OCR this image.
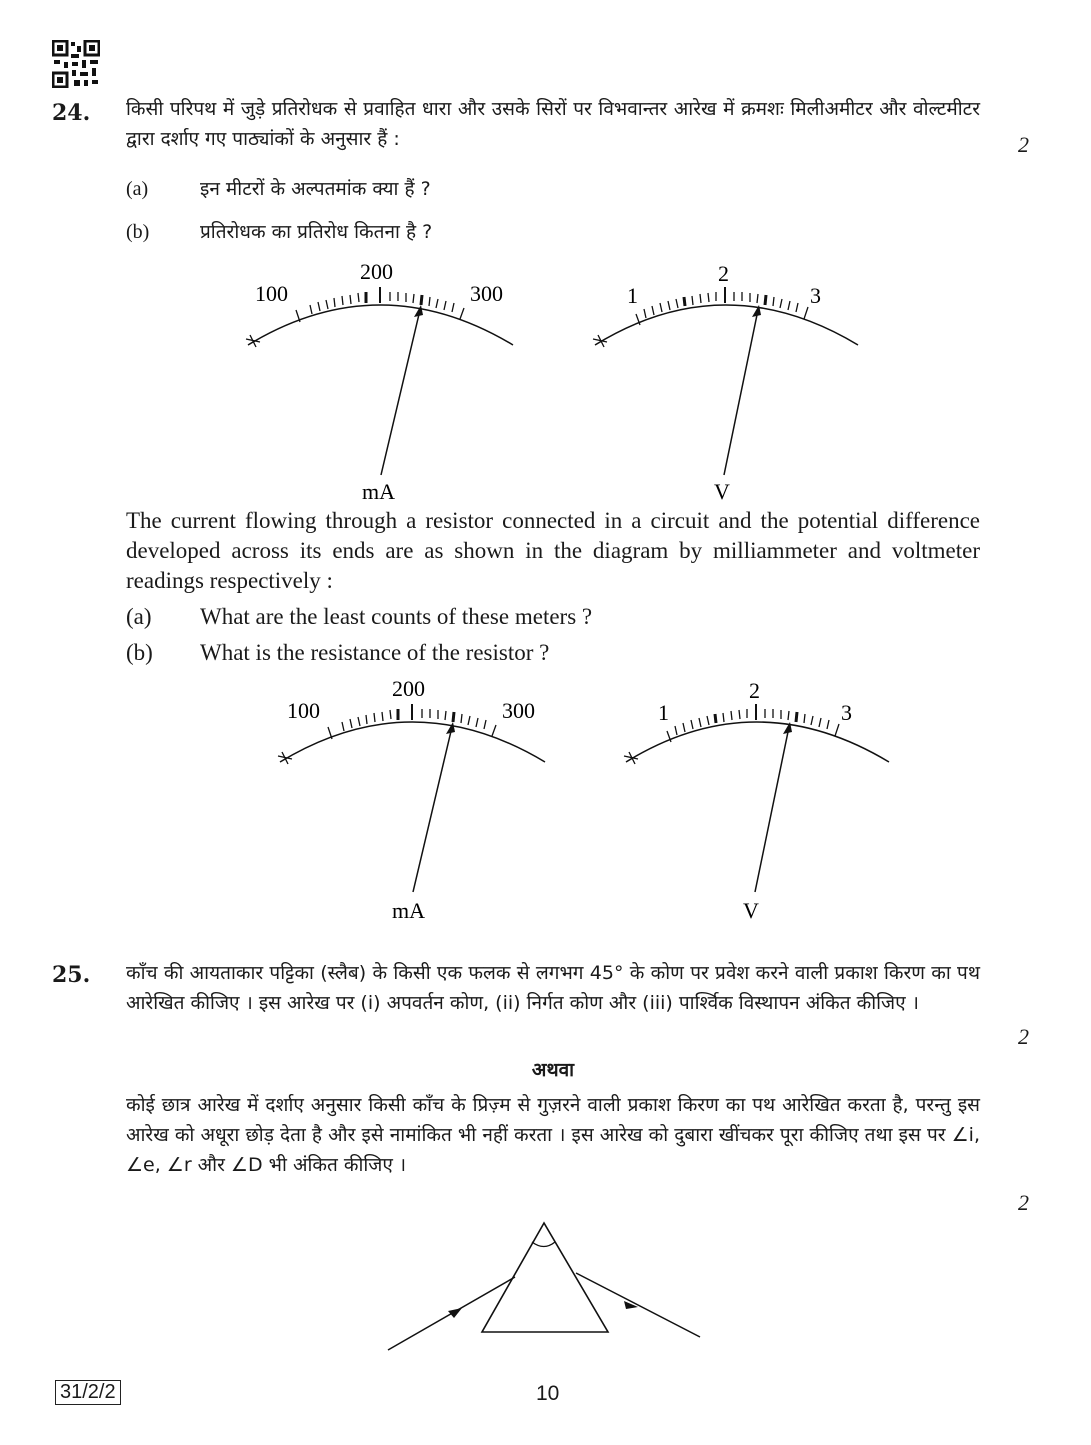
24. किसी परिपथ में जुड़े प्रतिरोधक से प्रवाहित धारा और उसके सिरों पर विभवान्तर आरेख में क्रमशः मिलीअमीटर और वोल्टमीटर द्वारा दर्शाए गए पाठ्यांकों के अनुसार हैं :	2
(a)	इन मीटरों के अल्पतमांक क्या हैं ?
(b)	प्रतिरोधक का प्रतिरोध कितना है ?
100
200
300
mA
1
2
3
V
The current flowing through a resistor connected in a circuit and the potential difference developed across its ends are as shown in the diagram by milliammeter and voltmeter readings respectively :
(a) What are the least counts of these meters ?
(b) What is the resistance of the resistor ?
100
200
300
mA
1
2
3
V
25. काँच की आयताकार पट्टिका (स्लैब) के किसी एक फलक से लगभग 45° के कोण पर प्रवेश करने वाली प्रकाश किरण का पथ आरेखित कीजिए । इस आरेख पर (i) अपवर्तन कोण, (ii) निर्गत कोण और (iii) पार्श्विक विस्थापन अंकित कीजिए ।
2
अथवा
कोई छात्र आरेख में दर्शाए अनुसार किसी काँच के प्रिज़्म से गुज़रने वाली प्रकाश किरण का पथ आरेखित करता है, परन्तु इस आरेख को अधूरा छोड़ देता है और इसे नामांकित भी नहीं करता । इस आरेख को दुबारा खींचकर पूरा कीजिए तथा इस पर ∠i, ∠e, ∠r और ∠D भी अंकित कीजिए ।
2
31/2/2	10
